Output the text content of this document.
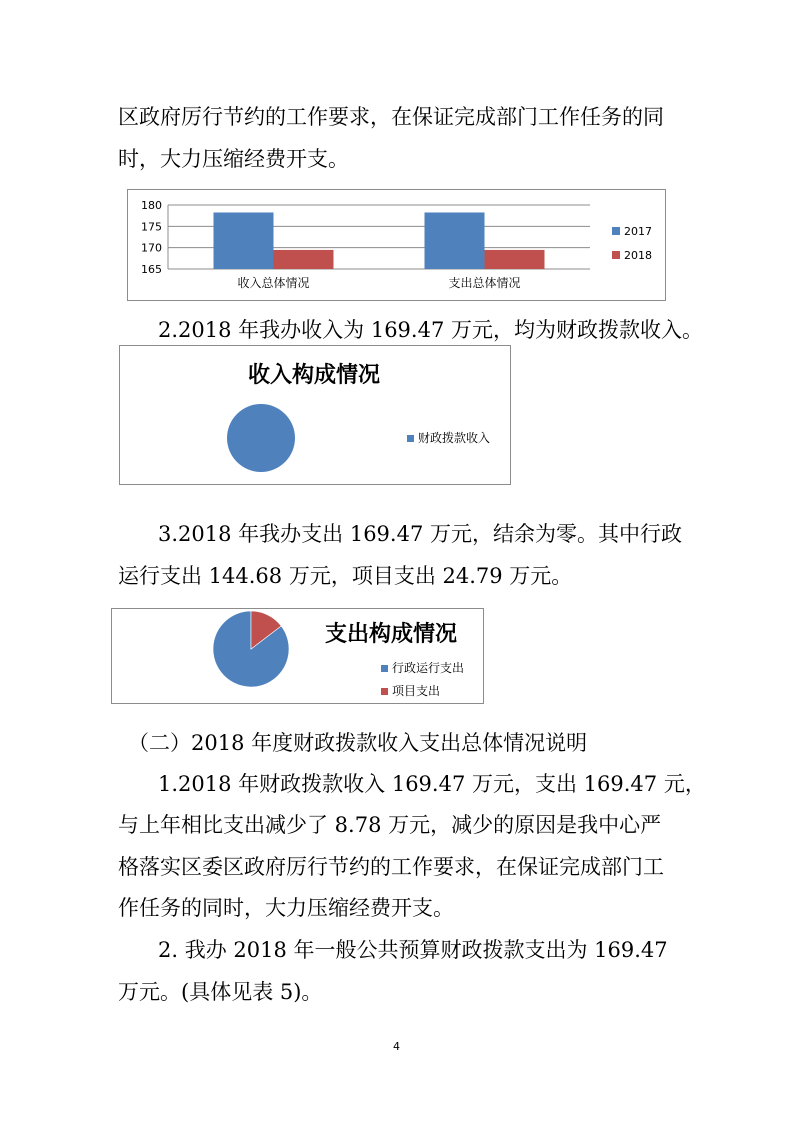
区政府厉行节约的工作要求，在保证完成部门工作任务的同
时，大力压缩经费开支。
165
170
175
180
收入总体情况	支出总体情况
2017
2018
2.2018 年我办收入为 169.47 万元，均为财政拨款收入。
收入构成情况
财政拨款收入
3.2018 年我办支出 169.47 万元，结余为零。其中行政
运行支出 144.68 万元，项目支出 24.79 万元。
支出构成情况
行政运行支出
项目支出
（二）2018 年度财政拨款收入支出总体情况说明
1.2018 年财政拨款收入 169.47 万元，支出 169.47 元，
与上年相比支出减少了 8.78 万元，减少的原因是我中心严
格落实区委区政府厉行节约的工作要求，在保证完成部门工
作任务的同时，大力压缩经费开支。
2. 我办 2018 年一般公共预算财政拨款支出为 169.47
万元。(具体见表 5)。
4
